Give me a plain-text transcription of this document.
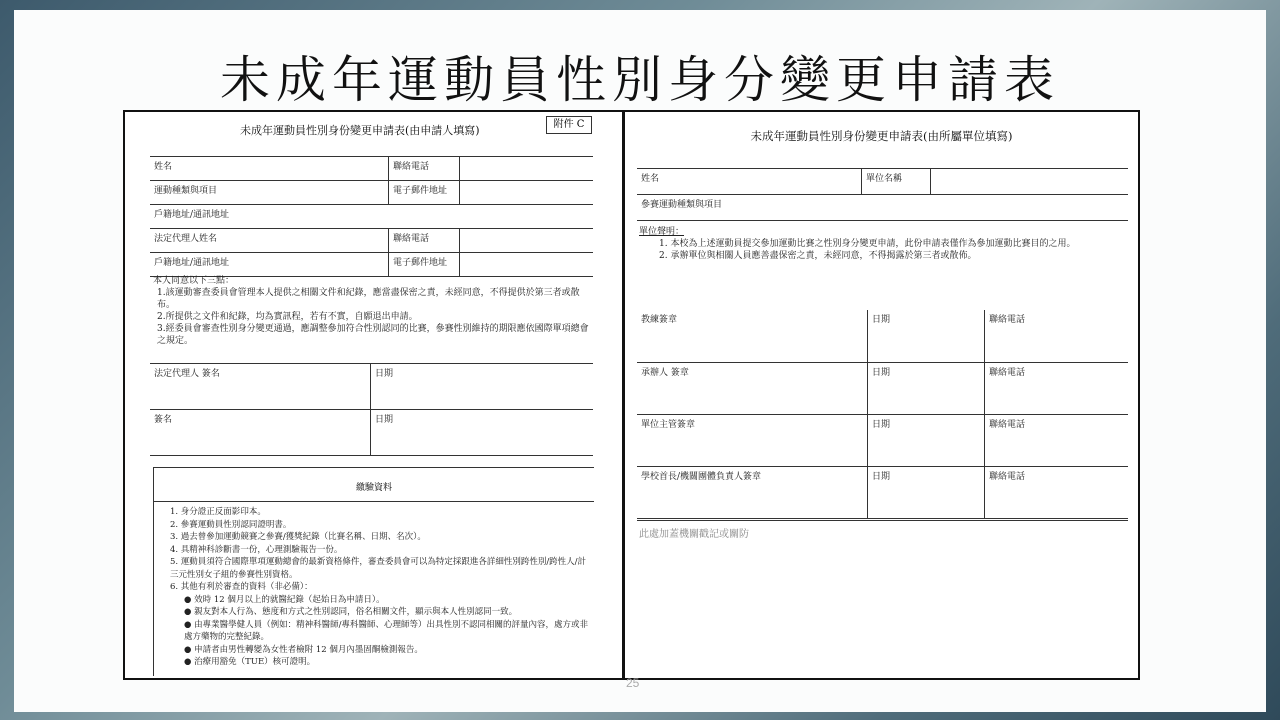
未成年運動員性別身分變更申請表
未成年運動員性別身份變更申請表(由申請人填寫)	附件 C
姓名	聯絡電話	
運動種類與項目	電子郵件地址	
戶籍地址/通訊地址		
法定代理人姓名	聯絡電話	
戶籍地址/通訊地址	電子郵件地址	
本人同意以下三點：
1.該運動審查委員會管理本人提供之相關文件和紀錄，應當盡保密之責，未經同意，不得提供於第三者或散布。
2.所提供之文件和紀錄，均為實訊程，若有不實，自願退出申請。
3.經委員會審查性別身分變更通過，應調整參加符合性別認同的比賽，參賽性別維持的期限應依國際單項總會之規定。
法定代理人 簽名	日期
簽名	日期
繳驗資料
1. 身分證正反面影印本。
2. 參賽運動員性別認同證明書。
3. 過去曾參加運動競賽之參賽/獲獎紀錄（比賽名稱、日期、名次）。
4. 具精神科診斷書一份，心理測驗報告一份。
5. 運動員須符合國際單項運動總會的最新資格條件，審查委員會可以為特定採跟進各詳細性別跨性別/跨性人/計三元性別女子組的參賽性別資格。
6. 其他有利於審查的資料（非必備）：
● 效時 12 個月以上的就醫紀錄（起始日為申請日）。
● 親友對本人行為、態度和方式之性別認同，俗名相關文件，顯示與本人性別認同一致。
● 由專業醫學健人員（例如：精神科醫師/專科醫師、心理師等）出具性別不認同相關的評量內容，處方或非處方藥物的完整紀錄。
● 申請者由男性轉變為女性者檢附 12 個月內墨固酮檢測報告。
● 治療用豁免（TUE）核可證明。
未成年運動員性別身份變更申請表(由所屬單位填寫)
姓名	單位名稱	
參賽運動種類與項目
單位聲明：
1. 本校為上述運動員提交參加運動比賽之性別身分變更申請，此份申請表僅作為參加運動比賽目的之用。
2. 承辦單位與相關人員應善盡保密之責，未經同意，不得揭露於第三者或散佈。
教練簽章	日期	聯絡電話
承辦人 簽章	日期	聯絡電話
單位主管簽章	日期	聯絡電話
學校首長/機關團體負責人簽章	日期	聯絡電話
此處加蓋機關戳記或關防
25
